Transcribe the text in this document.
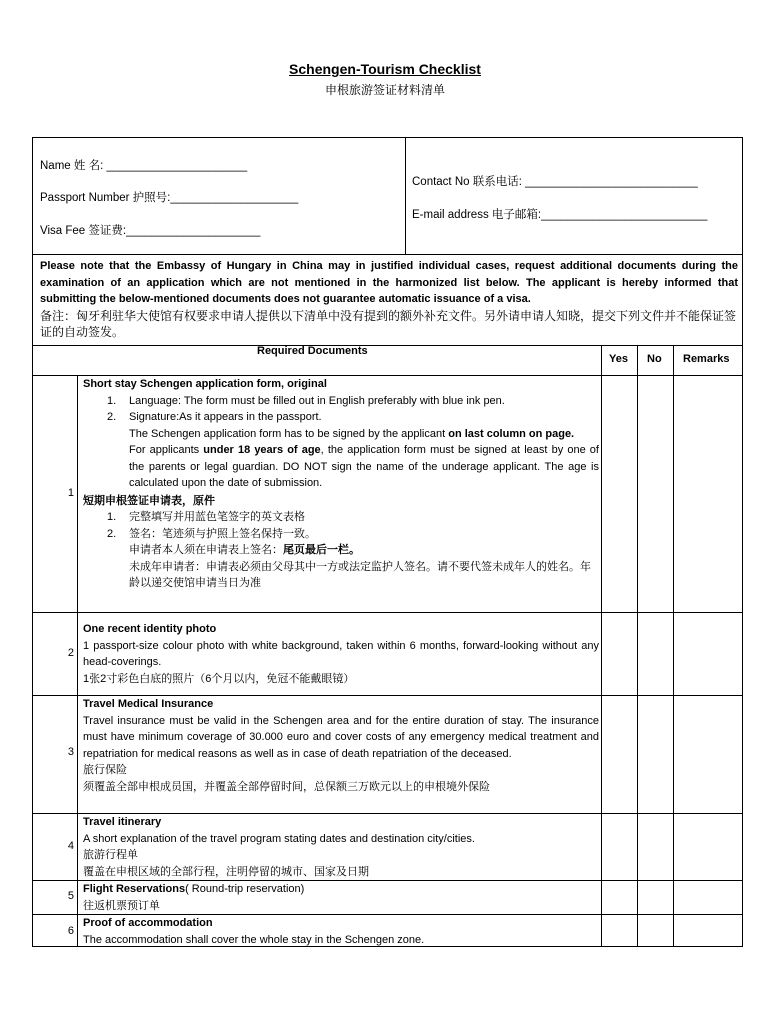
Schengen-Tourism Checklist
申根旅游签证材料清单
Name 姓 名: ______________________
Passport Number 护照号:____________________
Visa Fee 签证费:_____________________
Contact No 联系电话: ___________________________
E-mail address 电子邮箱:__________________________
Please note that the Embassy of Hungary in China may in justified individual cases, request additional documents during the examination of an application which are not mentioned in the harmonized list below. The applicant is hereby informed that submitting the below-mentioned documents does not guarantee automatic issuance of a visa.
备注：匈牙利驻华大使馆有权要求申请人提供以下清单中没有提到的额外补充文件。另外请申请人知晓，提交下列文件并不能保证签证的自动签发。
Required Documents
Yes No Remarks
1
Short stay Schengen application form, original
1.	Language: The form must be filled out in English preferably with blue ink pen.
2.	Signature:As it appears in the passport.
The Schengen application form has to be signed by the applicant on last column on page.
For applicants under 18 years of age, the application form must be signed at least by one of the parents or legal guardian. DO NOT sign the name of the underage applicant. The age is calculated upon the date of submission.
短期申根签证申请表，原件
1.	完整填写并用蓝色笔签字的英文表格
2.	签名：笔迹须与护照上签名保持一致。
申请者本人须在申请表上签名：尾页最后一栏。
未成年申请者：申请表必须由父母其中一方或法定监护人签名。请不要代签未成年人的姓名。年龄以递交使馆申请当日为准
2
One recent identity photo
1 passport-size colour photo with white background, taken within 6 months, forward-looking without any head-coverings.
1张2寸彩色白底的照片（6个月以内，免冠不能戴眼镜）
3
Travel Medical Insurance
Travel insurance must be valid in the Schengen area and for the entire duration of stay. The insurance must have minimum coverage of 30.000 euro and cover costs of any emergency medical treatment and repatriation for medical reasons as well as in case of death repatriation of the deceased.
旅行保险
须覆盖全部申根成员国，并覆盖全部停留时间，总保额三万欧元以上的申根境外保险
4
Travel itinerary
A short explanation of the travel program stating dates and destination city/cities.
旅游行程单
覆盖在申根区域的全部行程，注明停留的城市、国家及日期
5
Flight Reservations( Round-trip reservation)
往返机票预订单
6
Proof of accommodation
The accommodation shall cover the whole stay in the Schengen zone.
